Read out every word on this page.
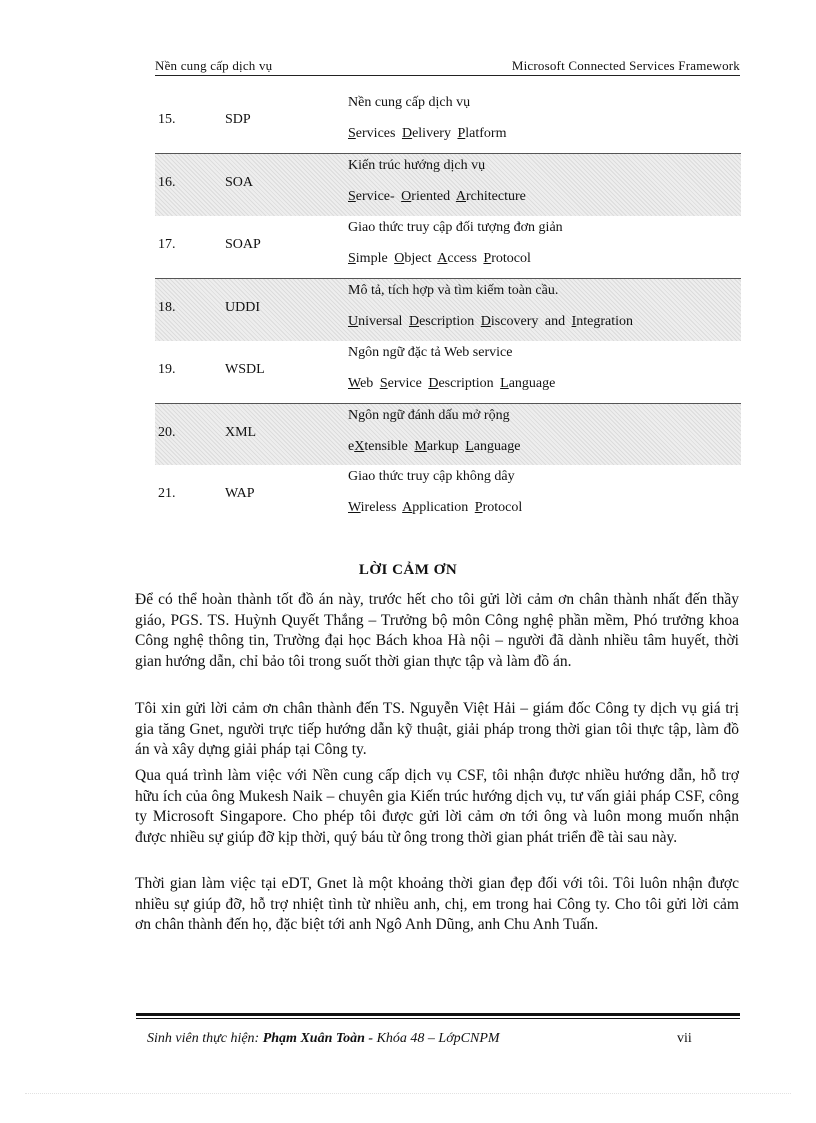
Nền cung cấp dịch vụ	Microsoft Connected Services Framework
15.	SDP
Nền cung cấp dịch vụ
Services Delivery Platform
16.	SOA
Kiến trúc hướng dịch vụ
Service- Oriented Architecture
17.	SOAP
Giao thức truy cập đối tượng đơn giản
Simple Object Access Protocol
18.	UDDI
Mô tả, tích hợp và tìm kiếm toàn cầu.
Universal Description Discovery and Integration
19.	WSDL
Ngôn ngữ đặc tả Web service
Web Service Description Language
20.	XML
Ngôn ngữ đánh dấu mở rộng
eXtensible Markup Language
21.	WAP
Giao thức truy cập không dây
Wireless Application Protocol
LỜI CẢM ƠN

Để có thể hoàn thành tốt đồ án này, trước hết cho tôi gửi lời cảm ơn chân thành nhất đến thầy giáo, PGS. TS. Huỳnh Quyết Thắng – Trưởng bộ môn Công nghệ phần mềm, Phó trưởng khoa Công nghệ thông tin, Trường đại học Bách khoa Hà nội – người đã dành nhiều tâm huyết, thời gian hướng dẫn, chỉ bảo tôi trong suốt thời gian thực tập và làm đồ án.

Tôi xin gửi lời cảm ơn chân thành đến TS. Nguyễn Việt Hải – giám đốc Công ty dịch vụ giá trị gia tăng Gnet, người trực tiếp hướng dẫn kỹ thuật, giải pháp trong thời gian tôi thực tập, làm đồ án và xây dựng giải pháp tại Công ty.

Qua quá trình làm việc với Nền cung cấp dịch vụ CSF, tôi nhận được nhiều hướng dẫn, hỗ trợ hữu ích của ông Mukesh Naik – chuyên gia Kiến trúc hướng dịch vụ, tư vấn giải pháp CSF, công ty Microsoft Singapore. Cho phép tôi được gửi lời cảm ơn tới ông và luôn mong muốn nhận được nhiều sự giúp đỡ kịp thời, quý báu từ ông trong thời gian phát triển đề tài sau này.

Thời gian làm việc tại eDT, Gnet là một khoảng thời gian đẹp đối với tôi. Tôi luôn nhận được nhiều sự giúp đỡ, hỗ trợ nhiệt tình từ nhiều anh, chị, em trong hai Công ty. Cho tôi gửi lời cảm ơn chân thành đến họ, đặc biệt tới anh Ngô Anh Dũng, anh Chu Anh Tuấn.

Sinh viên thực hiện: Phạm Xuân Toàn - Khóa 48 – LớpCNPM	vii
